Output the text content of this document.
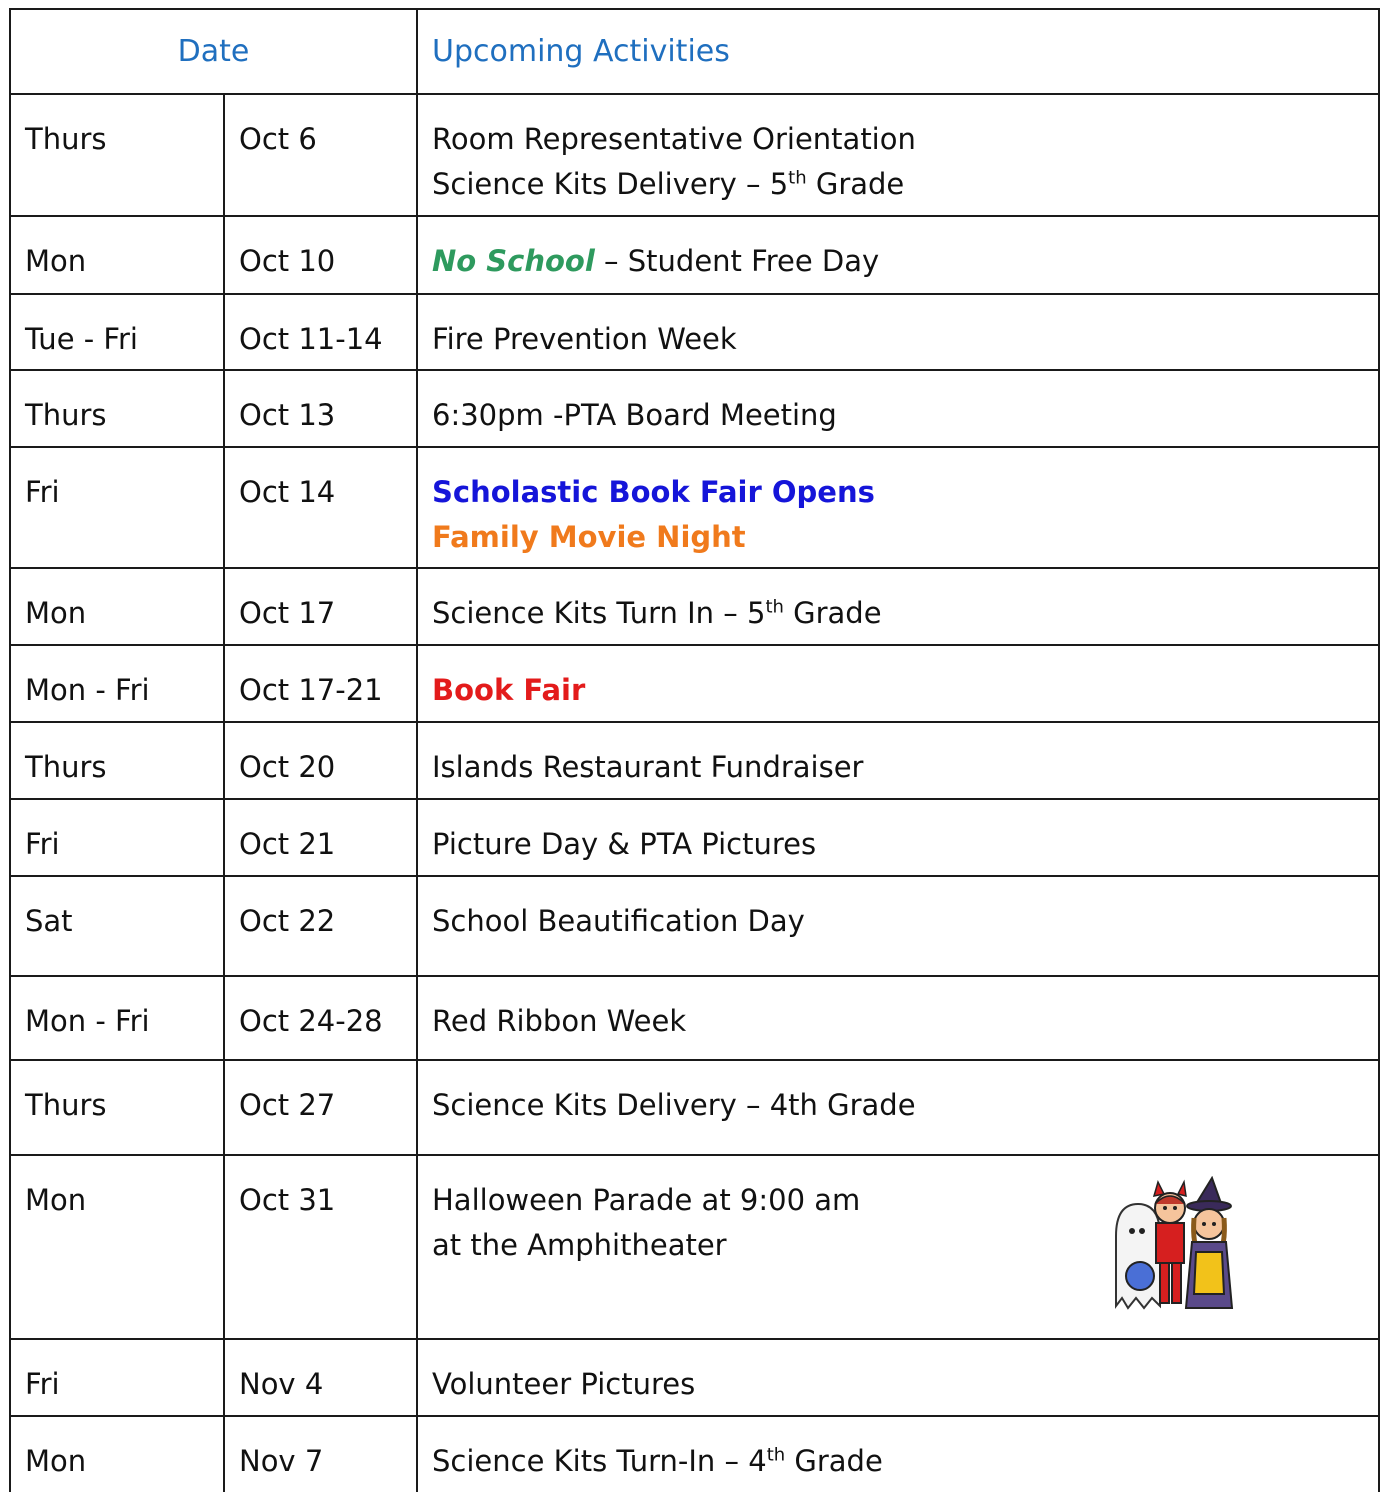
Date		Upcoming Activities
Thurs	Oct 6	Room Representative Orientation
Science Kits Delivery – 5th Grade

Mon	Oct 10	No School – Student Free Day

Tue - Fri	Oct 11-14	Fire Prevention Week

Thurs	Oct 13	6:30pm -PTA Board Meeting

Fri	Oct 14	Scholastic Book Fair Opens
Family Movie Night

Mon	Oct 17	Science Kits Turn In – 5th Grade

Mon - Fri	Oct 17-21	Book Fair

Thurs	Oct 20	Islands Restaurant Fundraiser

Fri	Oct 21	Picture Day & PTA Pictures

Sat	Oct 22	School Beautification Day

Mon - Fri	Oct 24-28	Red Ribbon Week

Thurs	Oct 27	Science Kits Delivery – 4th Grade

Mon	Oct 31	Halloween Parade at 9:00 am
at the Amphitheater

Fri	Nov 4	Volunteer Pictures

Mon	Nov 7	Science Kits Turn-In – 4th Grade
